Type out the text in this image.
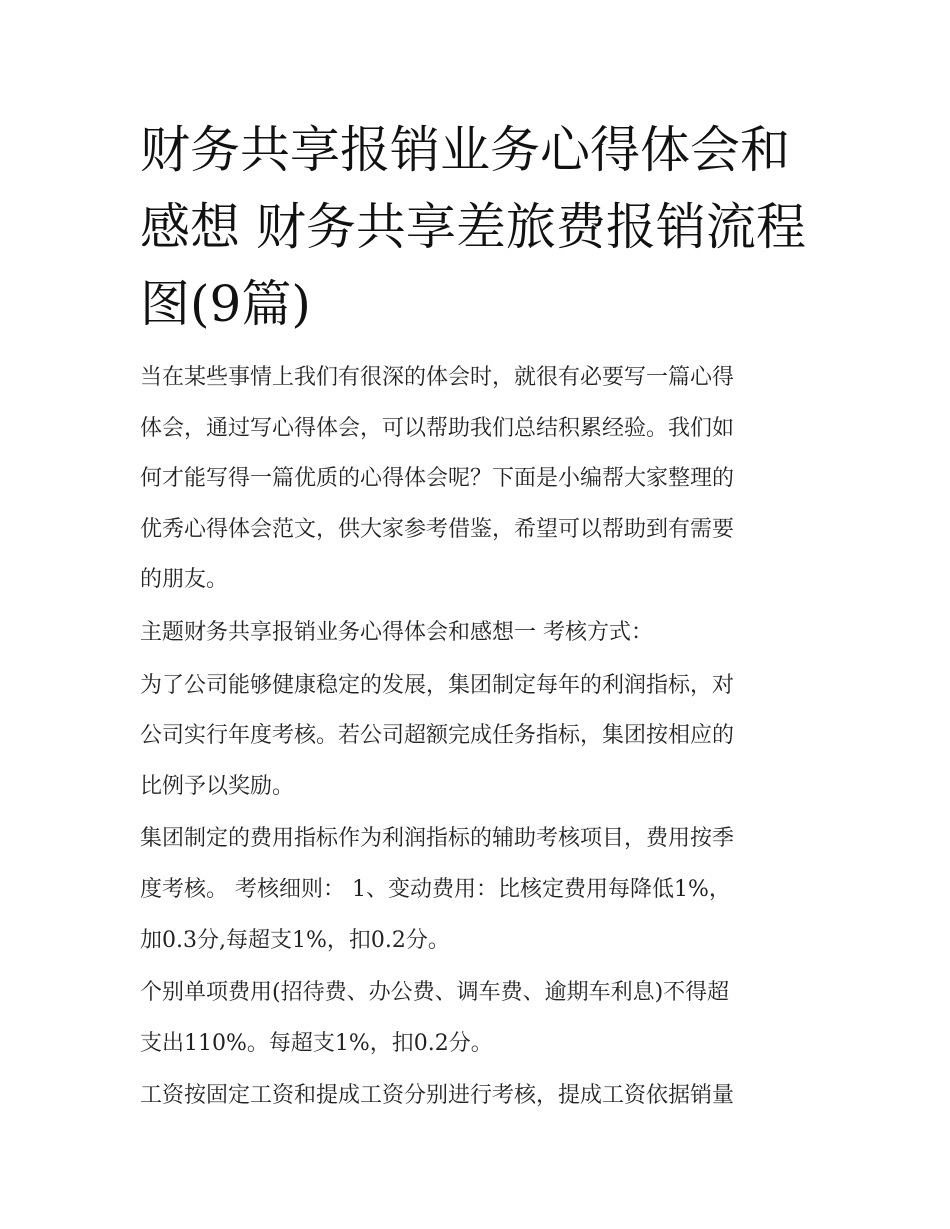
财务共享报销业务心得体会和
感想 财务共享差旅费报销流程
图(9篇)

当在某些事情上我们有很深的体会时，就很有必要写一篇心得
体会，通过写心得体会，可以帮助我们总结积累经验。我们如
何才能写得一篇优质的心得体会呢？下面是小编帮大家整理的
优秀心得体会范文，供大家参考借鉴，希望可以帮助到有需要
的朋友。

主题财务共享报销业务心得体会和感想一 考核方式：

为了公司能够健康稳定的发展，集团制定每年的利润指标，对
公司实行年度考核。若公司超额完成任务指标，集团按相应的
比例予以奖励。

集团制定的费用指标作为利润指标的辅助考核项目，费用按季
度考核。 考核细则： 1、变动费用：比核定费用每降低1%，
加0.3分,每超支1%，扣0.2分。

个别单项费用(招待费、办公费、调车费、逾期车利息)不得超
支出110%。每超支1%，扣0.2分。

工资按固定工资和提成工资分别进行考核，提成工资依据销量
